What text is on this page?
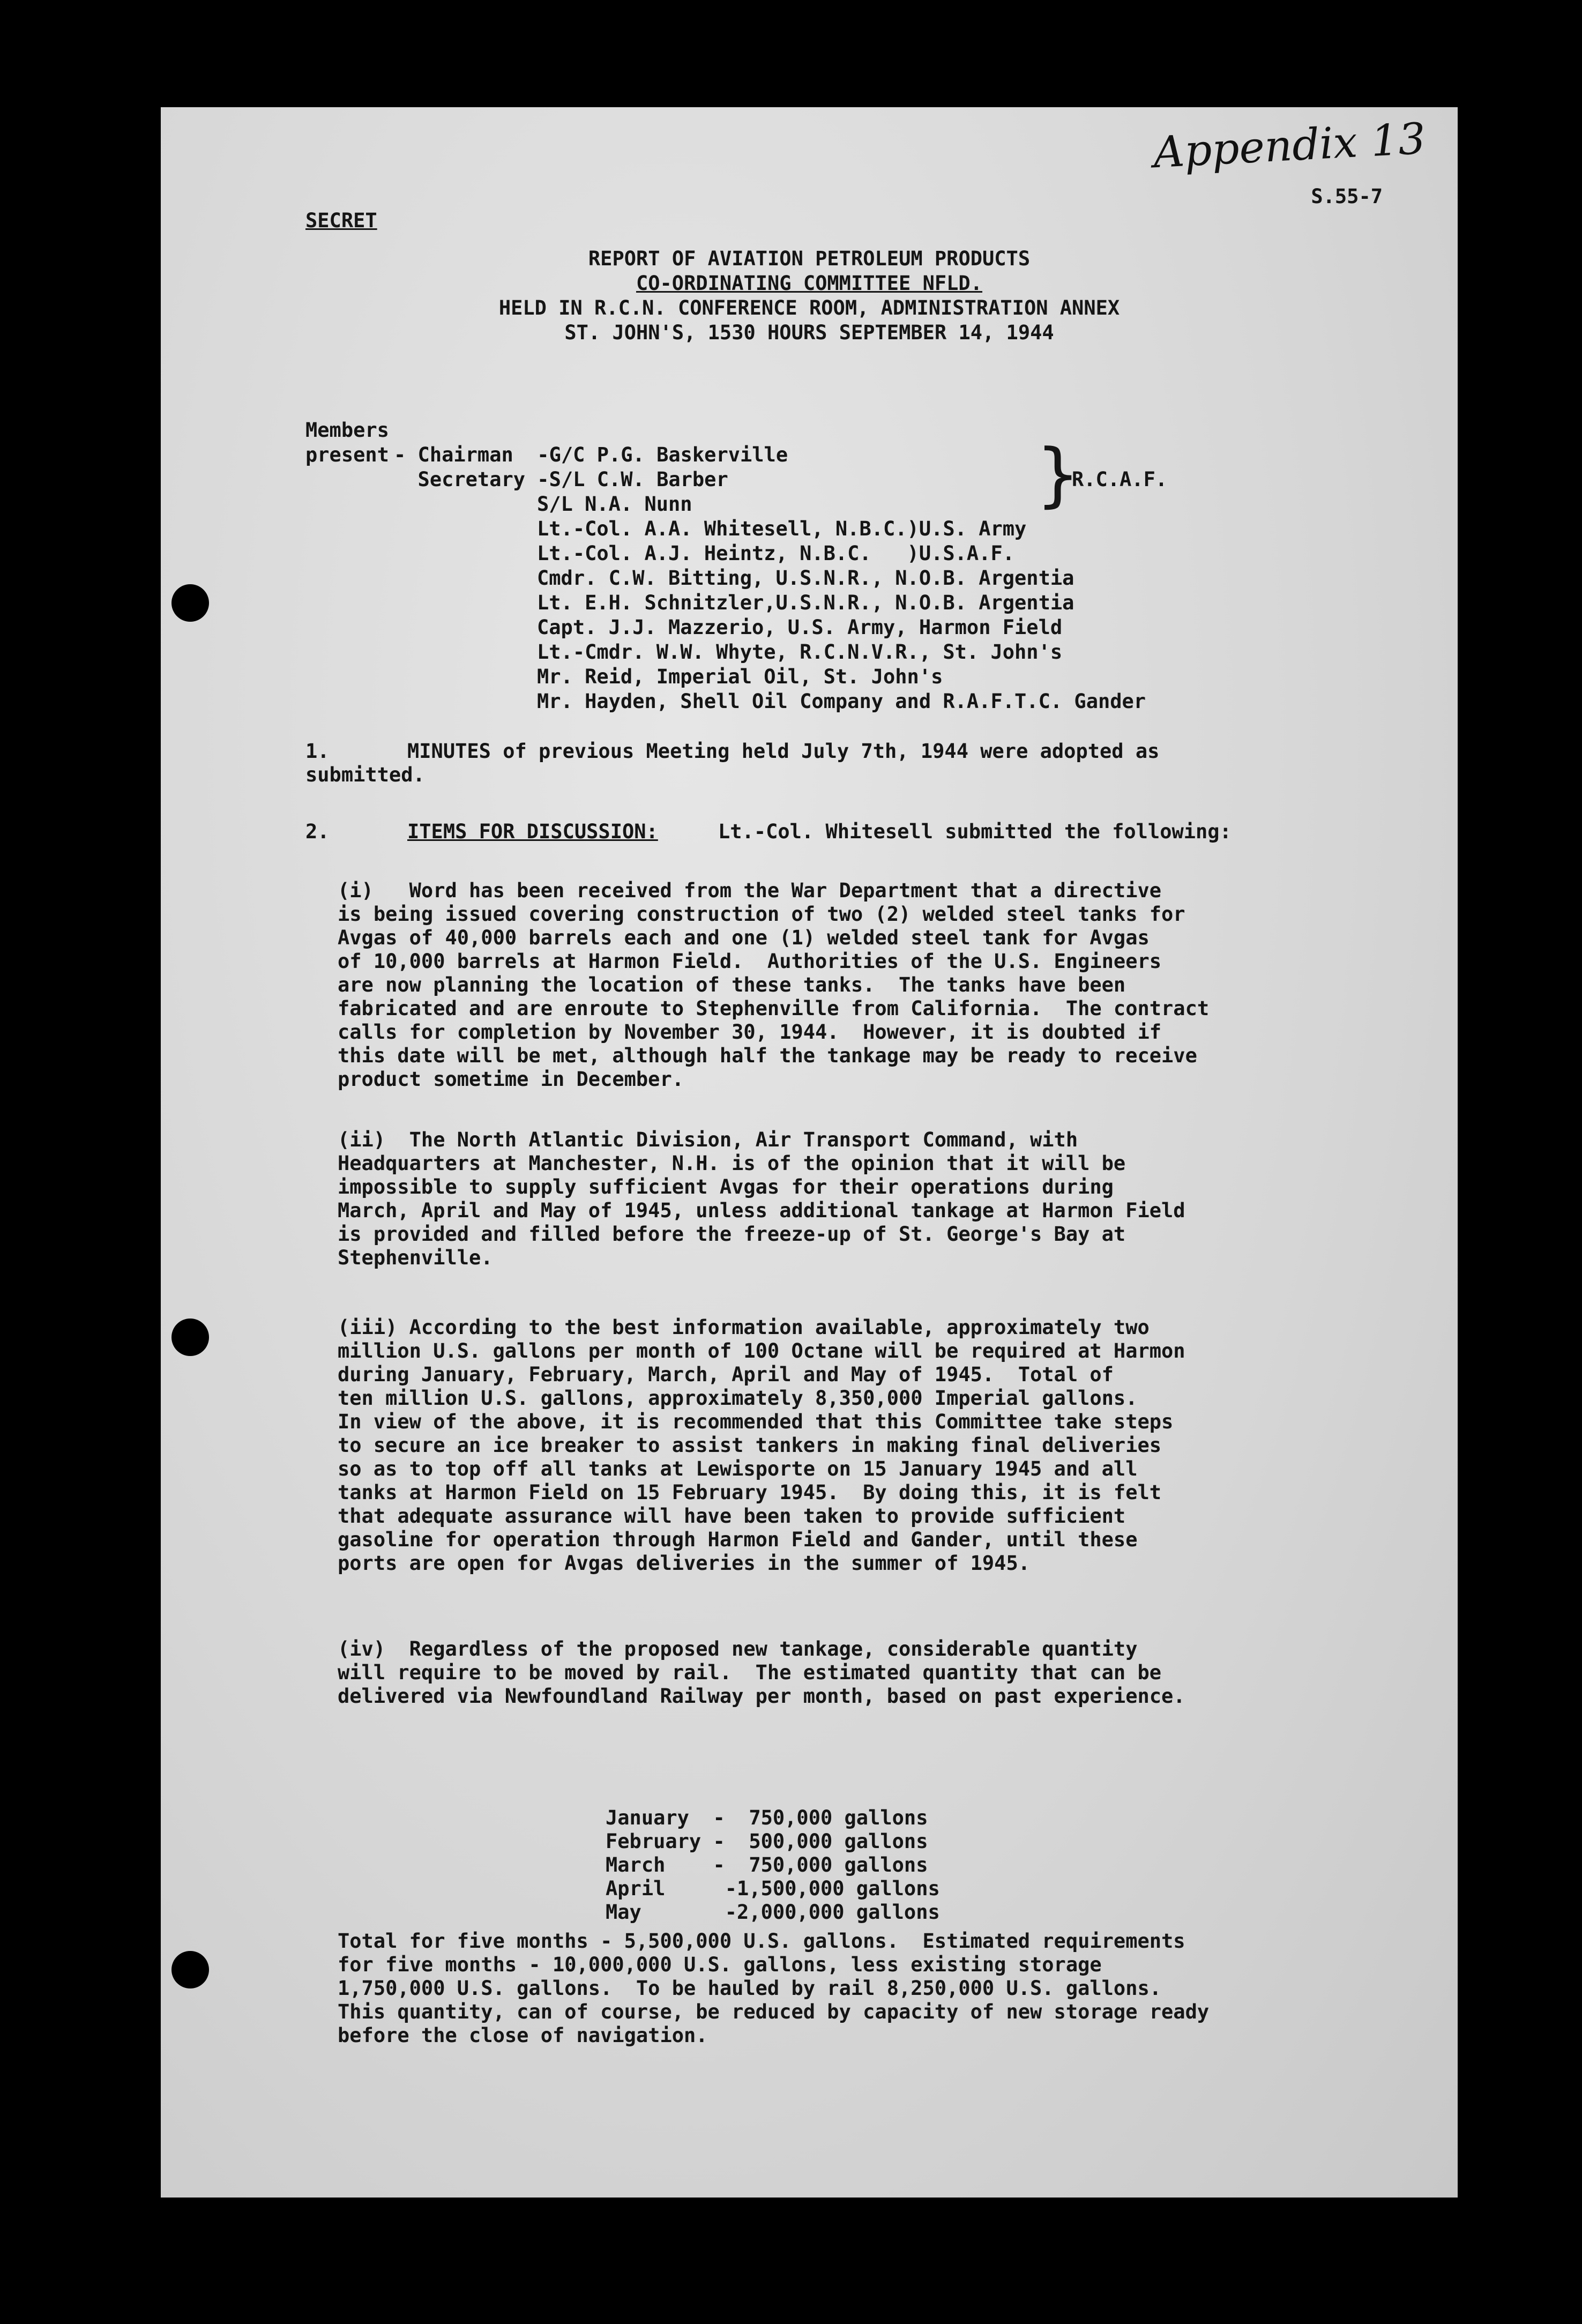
Appendix 13
S.55-7
SECRET
REPORT OF AVIATION PETROLEUM PRODUCTS
CO-ORDINATING COMMITTEE NFLD.
HELD IN R.C.N. CONFERENCE ROOM, ADMINISTRATION ANNEX
ST. JOHN'S, 1530 HOURS SEPTEMBER 14, 1944
Members
present - Chairman  -G/C P.G. Baskerville
Secretary -S/L C.W. Barber
S/L N.A. Nunn
Lt.-Col. A.A. Whitesell, N.B.C.)U.S. Army
Lt.-Col. A.J. Heintz, N.B.C.   )U.S.A.F.
Cmdr. C.W. Bitting, U.S.N.R., N.O.B. Argentia
Lt. E.H. Schnitzler,U.S.N.R., N.O.B. Argentia
Capt. J.J. Mazzerio, U.S. Army, Harmon Field
Lt.-Cmdr. W.W. Whyte, R.C.N.V.R., St. John's
Mr. Reid, Imperial Oil, St. John's
Mr. Hayden, Shell Oil Company and R.A.F.T.C. Gander
}
R.C.A.F.
1.	MINUTES of previous Meeting held July 7th, 1944 were adopted as
submitted.
2.	ITEMS FOR DISCUSSION:	Lt.-Col. Whitesell submitted the following:
(i)   Word has been received from the War Department that a directive
is being issued covering construction of two (2) welded steel tanks for
Avgas of 40,000 barrels each and one (1) welded steel tank for Avgas
of 10,000 barrels at Harmon Field.  Authorities of the U.S. Engineers
are now planning the location of these tanks.  The tanks have been
fabricated and are enroute to Stephenville from California.  The contract
calls for completion by November 30, 1944.  However, it is doubted if
this date will be met, although half the tankage may be ready to receive
product sometime in December.
(ii)  The North Atlantic Division, Air Transport Command, with
Headquarters at Manchester, N.H. is of the opinion that it will be
impossible to supply sufficient Avgas for their operations during
March, April and May of 1945, unless additional tankage at Harmon Field
is provided and filled before the freeze-up of St. George's Bay at
Stephenville.
(iii) According to the best information available, approximately two
million U.S. gallons per month of 100 Octane will be required at Harmon
during January, February, March, April and May of 1945.  Total of
ten million U.S. gallons, approximately 8,350,000 Imperial gallons.
In view of the above, it is recommended that this Committee take steps
to secure an ice breaker to assist tankers in making final deliveries
so as to top off all tanks at Lewisporte on 15 January 1945 and all
tanks at Harmon Field on 15 February 1945.  By doing this, it is felt
that adequate assurance will have been taken to provide sufficient
gasoline for operation through Harmon Field and Gander, until these
ports are open for Avgas deliveries in the summer of 1945.
(iv)  Regardless of the proposed new tankage, considerable quantity
will require to be moved by rail.  The estimated quantity that can be
delivered via Newfoundland Railway per month, based on past experience.
January  -  750,000 gallons
February -  500,000 gallons
March    -  750,000 gallons
April     -1,500,000 gallons
May       -2,000,000 gallons
Total for five months - 5,500,000 U.S. gallons.  Estimated requirements
for five months - 10,000,000 U.S. gallons, less existing storage
1,750,000 U.S. gallons.  To be hauled by rail 8,250,000 U.S. gallons.
This quantity, can of course, be reduced by capacity of new storage ready
before the close of navigation.
